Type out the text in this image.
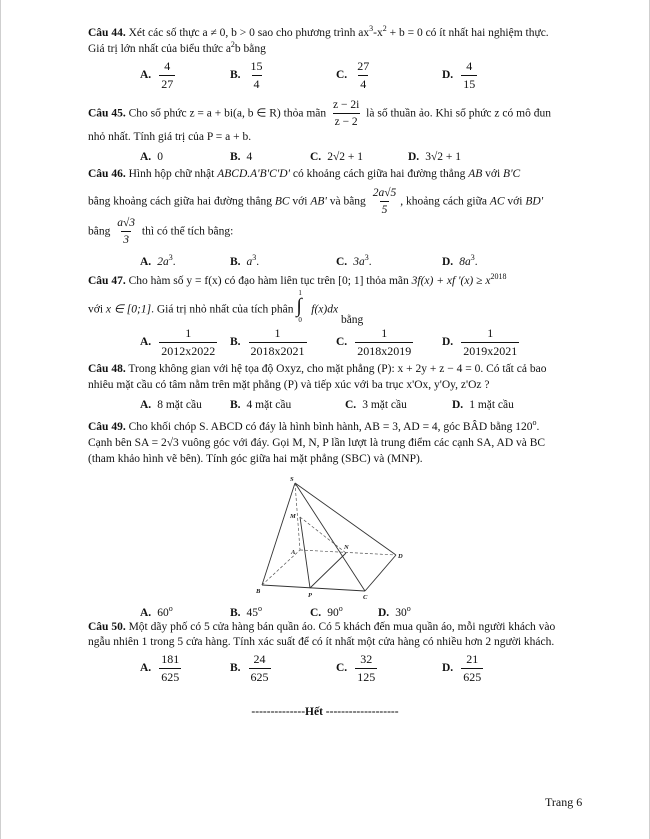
Câu 44. Xét các số thực a ≠ 0, b > 0 sao cho phương trình $ax^3-x^2 + b = 0$ có ít nhất hai nghiệm thực.
Giá trị lớn nhất của biểu thức $a^2b$ bằng
A. $\frac{4}{27}$	B. $\frac{15}{4}$	C. $\frac{27}{4}$	D. $\frac{4}{15}$
Câu 45. Cho số phức z = a + bi(a, b ∈ R) thỏa mãn $\frac{z - 2i}{z - 2}$ là số thuần ảo. Khi số phức z có mô đun
nhỏ nhất. Tính giá trị của P = a + b.
A. 0	B. 4	C. 2√2 + 1	D. 3√2 + 1
Câu 46. Hình hộp chữ nhật ABCD.A'B'C'D' có khoảng cách giữa hai đường thẳng AB với B'C
bằng khoảng cách giữa hai đường thẳng BC với AB' và bằng $\frac{2a√5}{5}$ , khoảng cách giữa AC với BD'
bằng $\frac{a√3}{3}$ thì có thể tích bằng:
A. $2a^3$.	B. $a^3$.	C. $3a^3$.	D. $8a^3$.
Câu 47. Cho hàm số y = f(x) có đạo hàm liên tục trên [0; 1] thỏa mãn 3f(x) + xf '$(x) \ge x^{2018}$
với x ∈ [0;1]. Giá trị nhỏ nhất của tích phân
1
∫
0
f(x)dx bằng
A. $\frac{1}{2012x2022} B$. $\frac{1}{2018x2021}$	C. $\frac{1}{2018x2019}$	D. $\frac{1}{2019x2021}$
Câu 48. Trong không gian với hệ tọa độ Oxyz, cho mặt phẳng (P): x + 2y + z − 4 = 0. Có tất cả bao
nhiêu mặt cầu có tâm nằm trên mặt phẳng (P) và tiếp xúc với ba trục x'Ox, y'Oy, z'Oz ?
A. 8 mặt cầu B. 4 mặt cầu	C. 3 mặt cầu	D. 1 mặt cầu
Câu 49. Cho khối chóp S. ABCD có đáy là hình bình hành, AB = 3, AD = 4, góc BÂD bằng 120$^o$.
Cạnh bên SA = 2√3 vuông góc với đáy. Gọi M, N, P lần lượt là trung điểm các cạnh SA, AD và BC
(tham khảo hình vẽ bên). Tính góc giữa hai mặt phẳng (SBC) và (MNP).
S
M
A
N
D
B
P	C
A. 60$^o$	B. 45$^o$	C. 90$^o$	D. 30$^o$
Câu 50. Một dãy phố có 5 cửa hàng bán quần áo. Có 5 khách đến mua quần áo, mỗi người khách vào
ngẫu nhiên 1 trong 5 cửa hàng. Tính xác suất để có ít nhất một cửa hàng có nhiều hơn 2 người khách.
A. $\frac{181}{625}$	B. $\frac{24}{625}$	C. $\frac{32}{125}$	D. $\frac{21}{625}$
--------------Hết -------------------
Trang 6
